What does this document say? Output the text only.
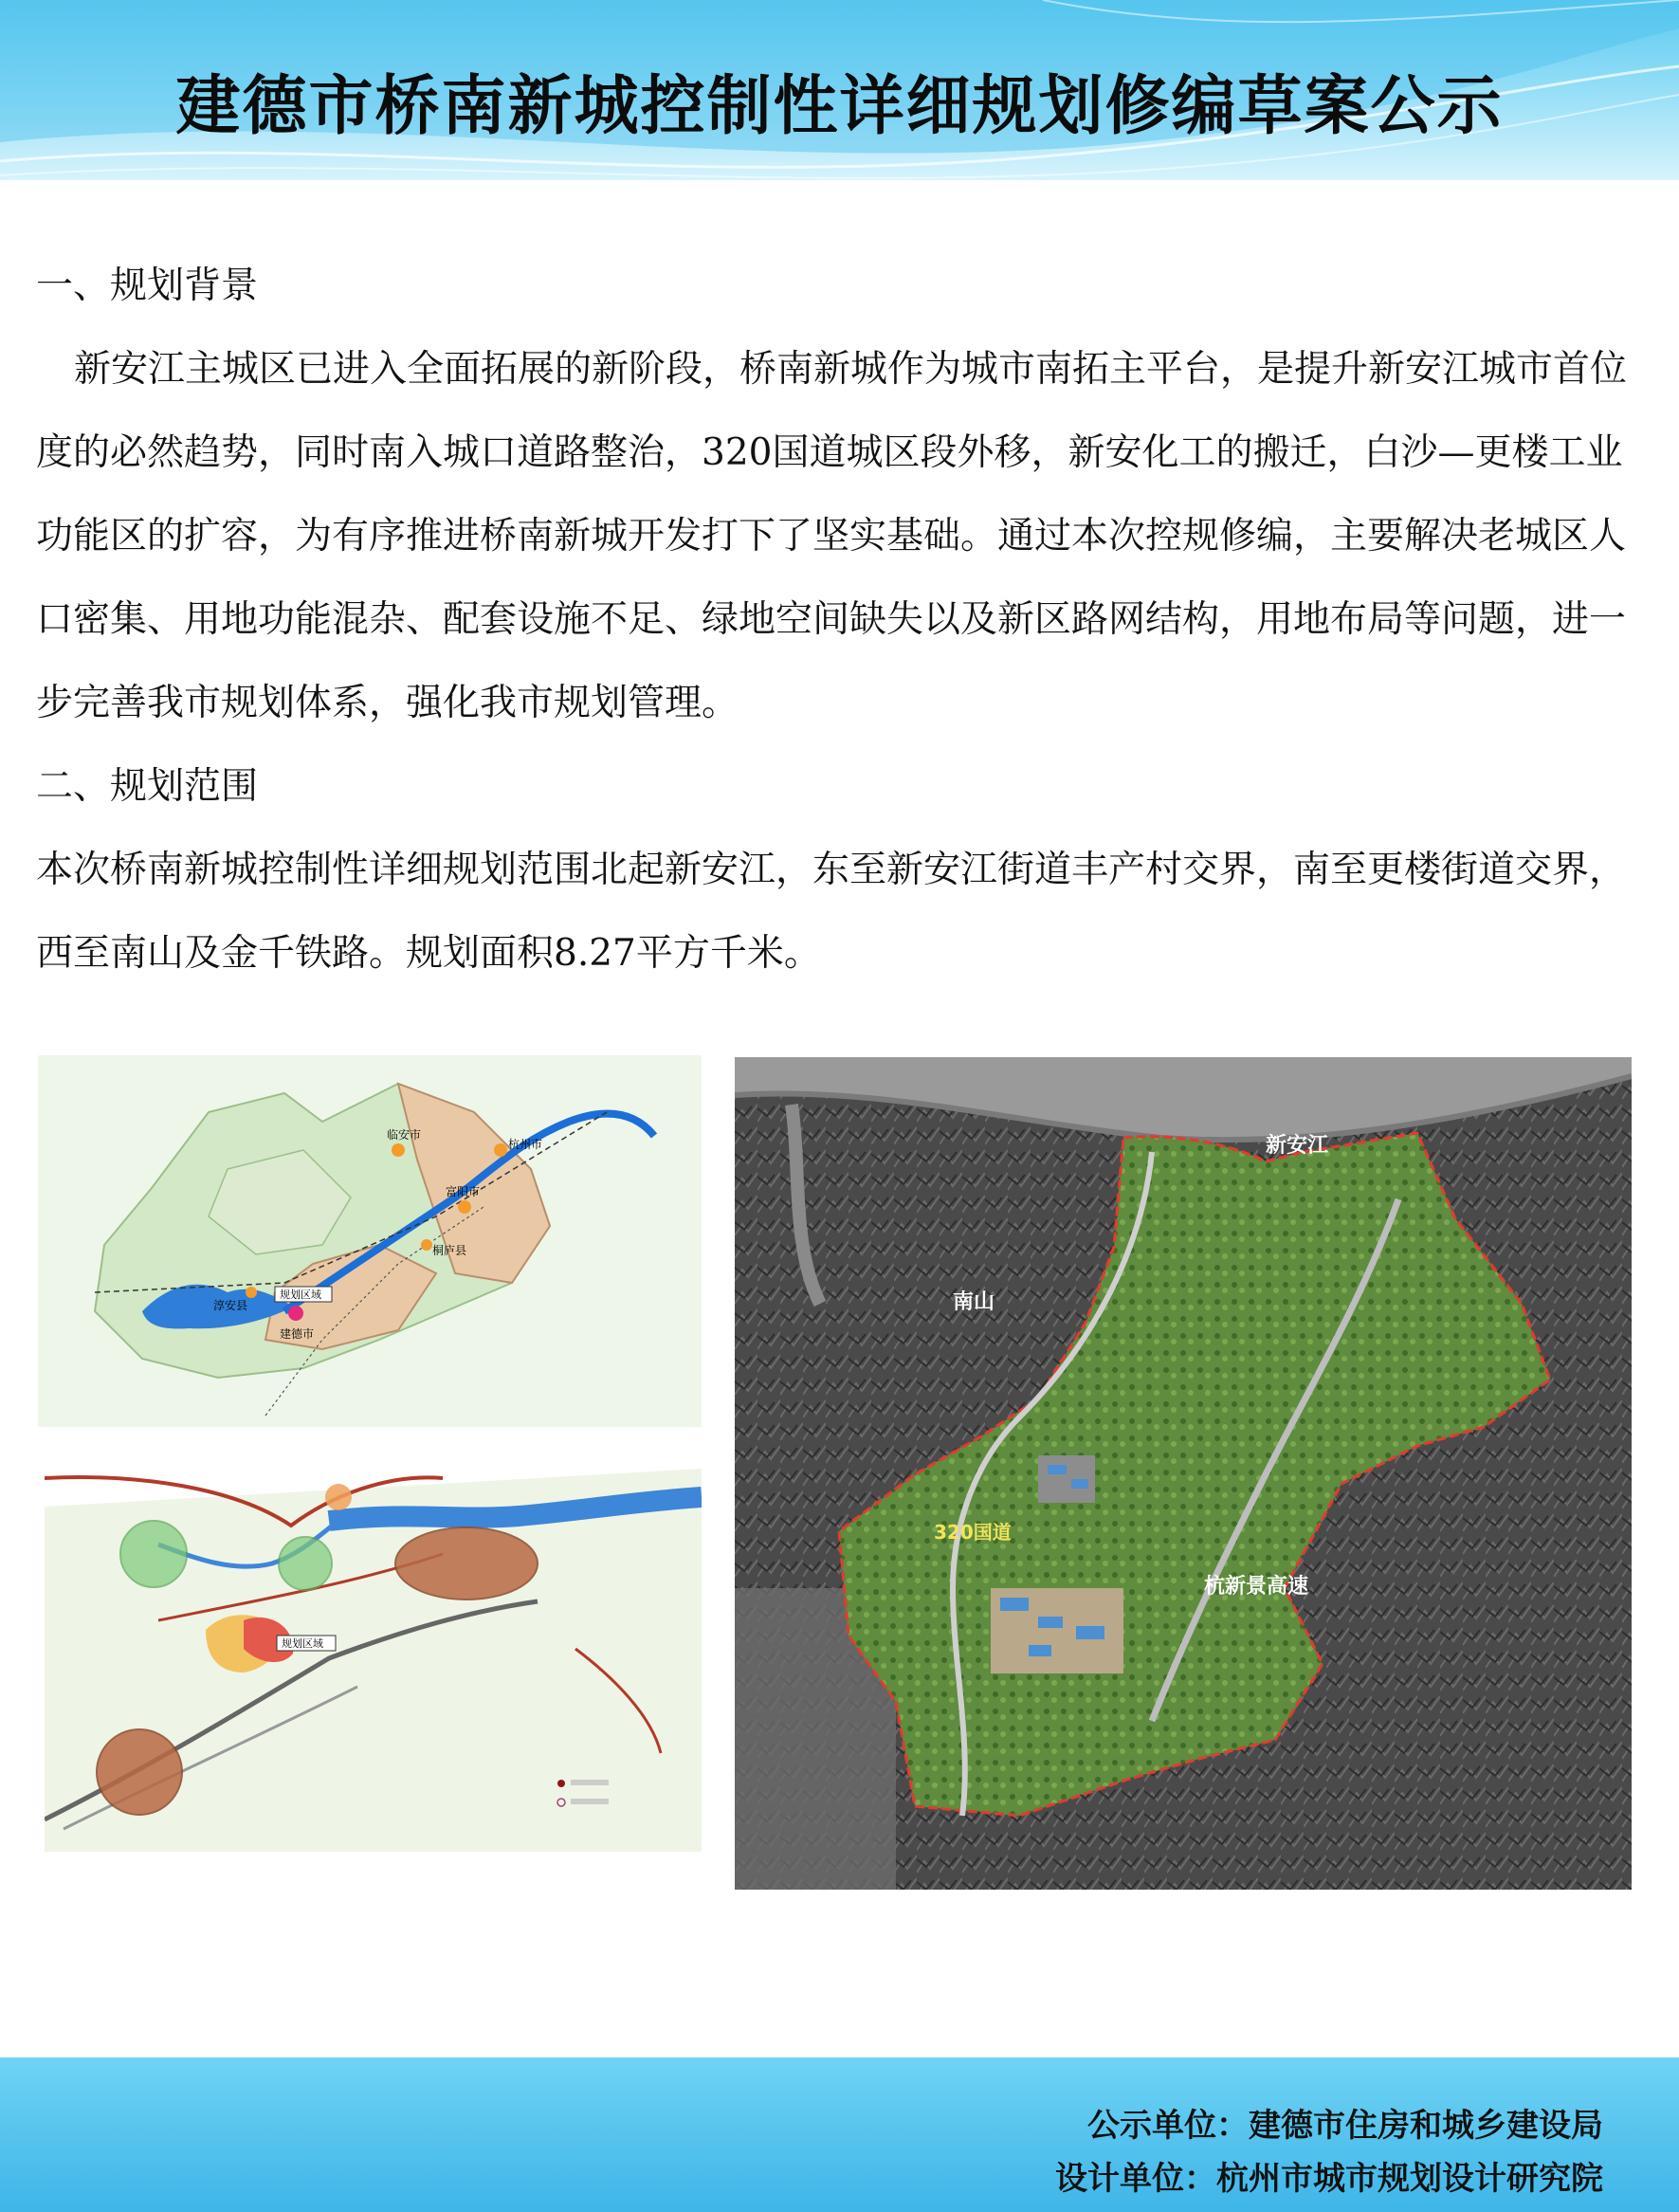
建德市桥南新城控制性详细规划修编草案公示
一、规划背景

新安江主城区已进入全面拓展的新阶段，桥南新城作为城市南拓主平台，是提升新安江城市首位度的必然趋势，同时南入城口道路整治，320国道城区段外移，新安化工的搬迁，白沙—更楼工业功能区的扩容，为有序推进桥南新城开发打下了坚实基础。通过本次控规修编，主要解决老城区人口密集、用地功能混杂、配套设施不足、绿地空间缺失以及新区路网结构，用地布局等问题，进一步完善我市规划体系，强化我市规划管理。

二、规划范围

本次桥南新城控制性详细规划范围北起新安江，东至新安江街道丰产村交界，南至更楼街道交界，西至南山及金千铁路。规划面积8.27平方千米。

临安市
富阳市
杭州市
桐庐县
淳安县
建德市
规划区域
规划区域
新安江
南山
320国道
杭新景高速
公示单位：建德市住房和城乡建设局
设计单位：杭州市城市规划设计研究院
